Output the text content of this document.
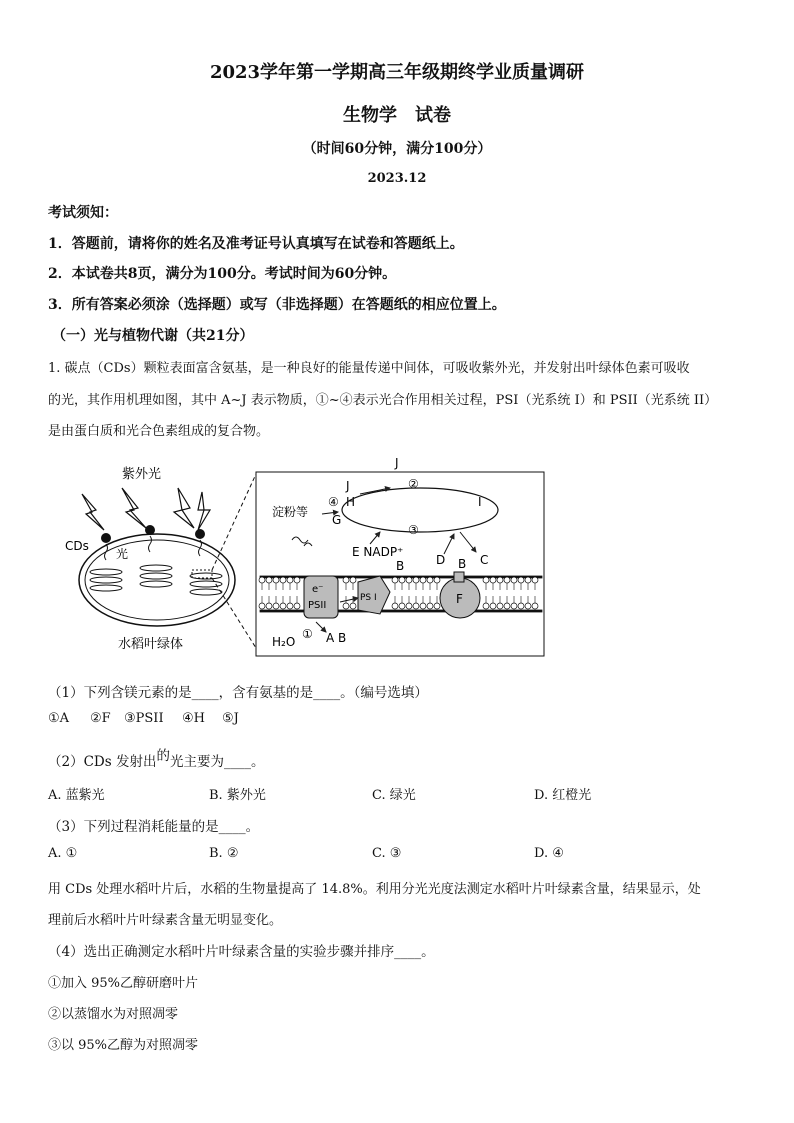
2023学年第一学期高三年级期终学业质量调研
生物学　试卷
（时间60分钟，满分100分）
2023.12
考试须知：
1．答题前，请将你的姓名及准考证号认真填写在试卷和答题纸上。
2．本试卷共8页，满分为100分。考试时间为60分钟。
3．所有答案必须涂（选择题）或写（非选择题）在答题纸的相应位置上。
（一）光与植物代谢（共21分）
1. 碳点（CDs）颗粒表面富含氨基，是一种良好的能量传递中间体，可吸收紫外光，并发射出叶绿体色素可吸收
的光，其作用机理如图，其中 A~J 表示物质，①~④表示光合作用相关过程，PSI（光系统 I）和 PSII（光系统 II）
是由蛋白质和光合色素组成的复合物。
紫外光
CDs
光
水稻叶绿体
J
J	②
④ H	I
淀粉等
G
③
E NADP⁺
B	D B C
e⁻
PSII
PS I	F
H₂O
① A B
（1）下列含镁元素的是____，含有氨基的是____。（编号选填）
①A ②F ③PSII ④H ⑤J
（2）CDs 发射出的光主要为____。
A. 蓝紫光	B. 紫外光	C. 绿光	D. 红橙光
（3）下列过程消耗能量的是____。
A. ①	B. ②	C. ③	D. ④
用 CDs 处理水稻叶片后，水稻的生物量提高了 14.8%。利用分光光度法测定水稻叶片叶绿素含量，结果显示，处
理前后水稻叶片叶绿素含量无明显变化。
（4）选出正确测定水稻叶片叶绿素含量的实验步骤并排序____。
①加入 95%乙醇研磨叶片
②以蒸馏水为对照凋零
③以 95%乙醇为对照凋零
